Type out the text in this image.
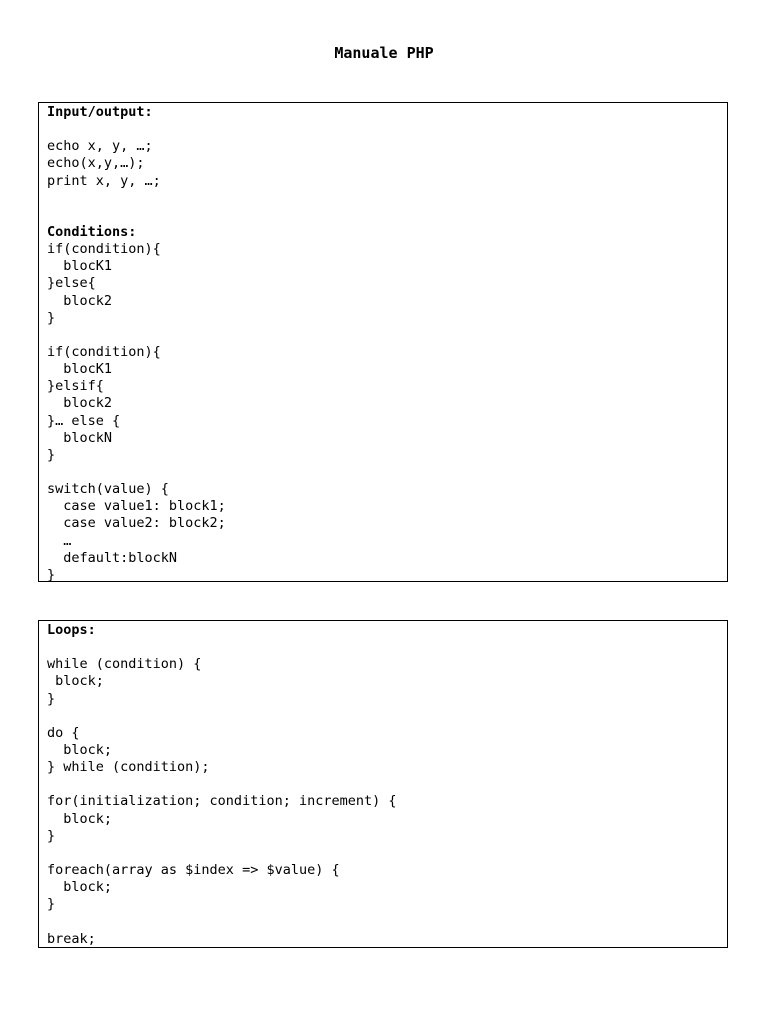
Manuale PHP
Input/output:
echo x, y, …;
echo(x,y,…);
print x, y, …;
Conditions:
if(condition){
blocK1
}else{
block2
}
if(condition){
blocK1
}elsif{
block2
}… else {
blockN
}
switch(value) {
case value1: block1;
case value2: block2;
…
default:blockN
}
Loops:
while (condition) {
block;
}
do {
block;
} while (condition);
for(initialization; condition; increment) {
block;
}
foreach(array as $index => $value) {
block;
}
break;
